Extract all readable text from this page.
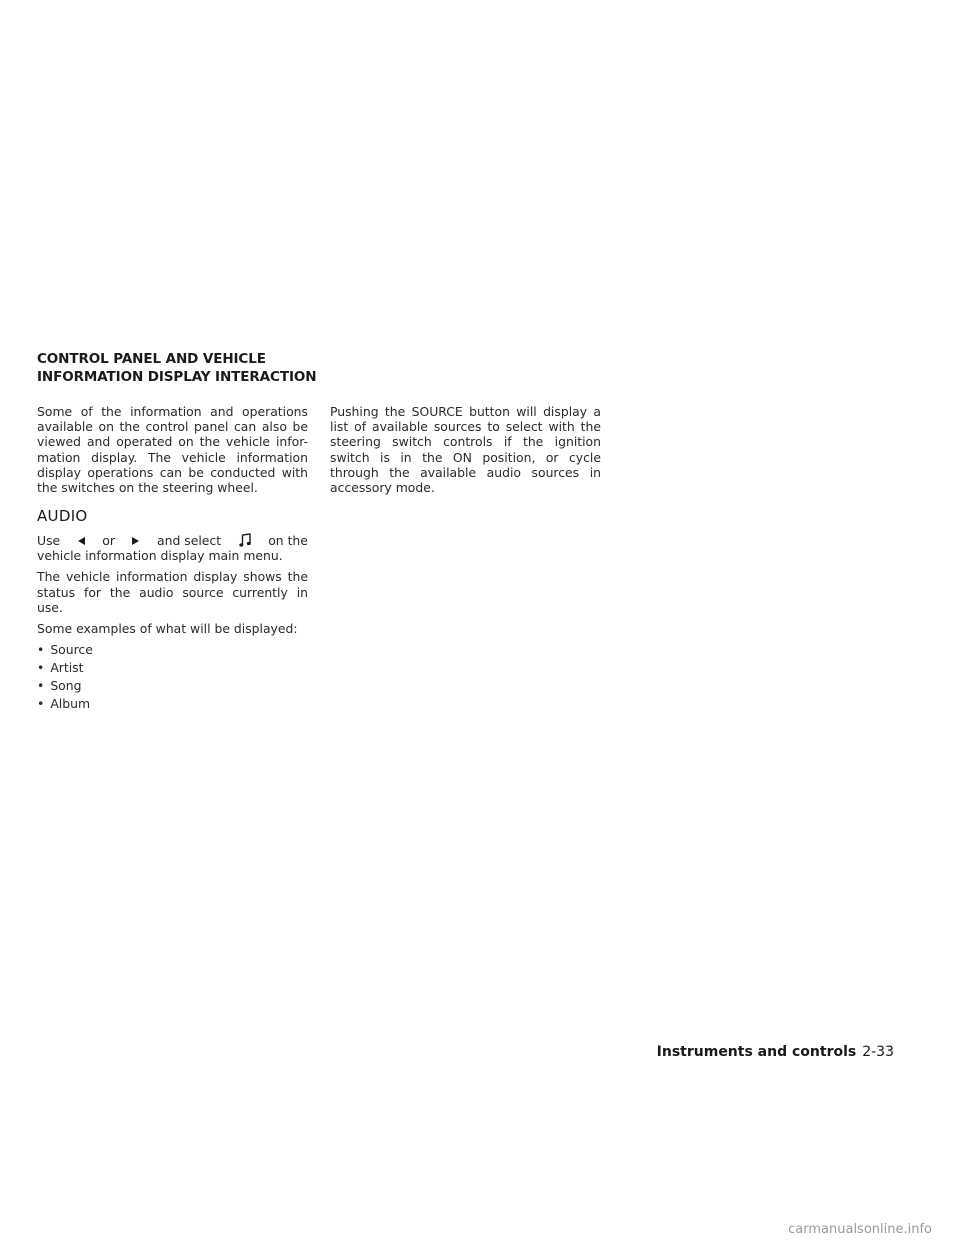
CONTROL PANEL AND VEHICLE
INFORMATION DISPLAY INTERACTION

Some of the information and operations available on the control panel can also be viewed and operated on the vehicle infor-mation display. The vehicle information display operations can be conducted with the switches on the steering wheel.

AUDIO
Use	or	and select	on the

vehicle information display main menu.

The vehicle information display shows the status for the audio source currently in use.

Some examples of what will be displayed:

• Source
• Artist
• Song
• Album

Pushing the SOURCE button will display a list of available sources to select with the steering switch controls if the ignition switch is in the ON position, or cycle through the available audio sources in accessory mode.

Instruments and controls 2-33
carmanualsonline.info
